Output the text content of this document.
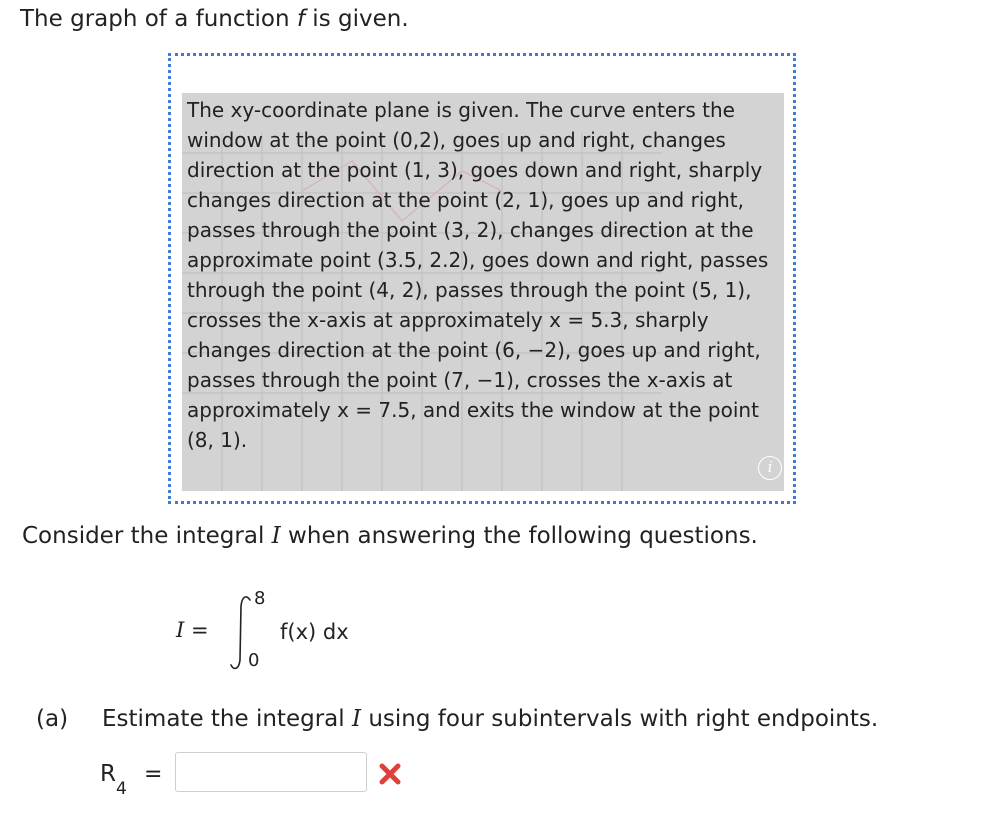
The graph of a function f is given.

The xy-coordinate plane is given. The curve enters the window at the point (0,2), goes up and right, changes direction at the point (1, 3), goes down and right, sharply changes direction at the point (2, 1), goes up and right, passes through the point (3, 2), changes direction at the approximate point (3.5, 2.2), goes down and right, passes through the point (4, 2), passes through the point (5, 1), crosses the x-axis at approximately x = 5.3, sharply changes direction at the point (6, −2), goes up and right, passes through the point (7, −1), crosses the x-axis at approximately x = 7.5, and exits the window at the point (8, 1).

i
Consider the integral I when answering the following questions.
I =
8
0
f(x) dx
(a) Estimate the integral I using four subintervals with right endpoints.
R
4
=
